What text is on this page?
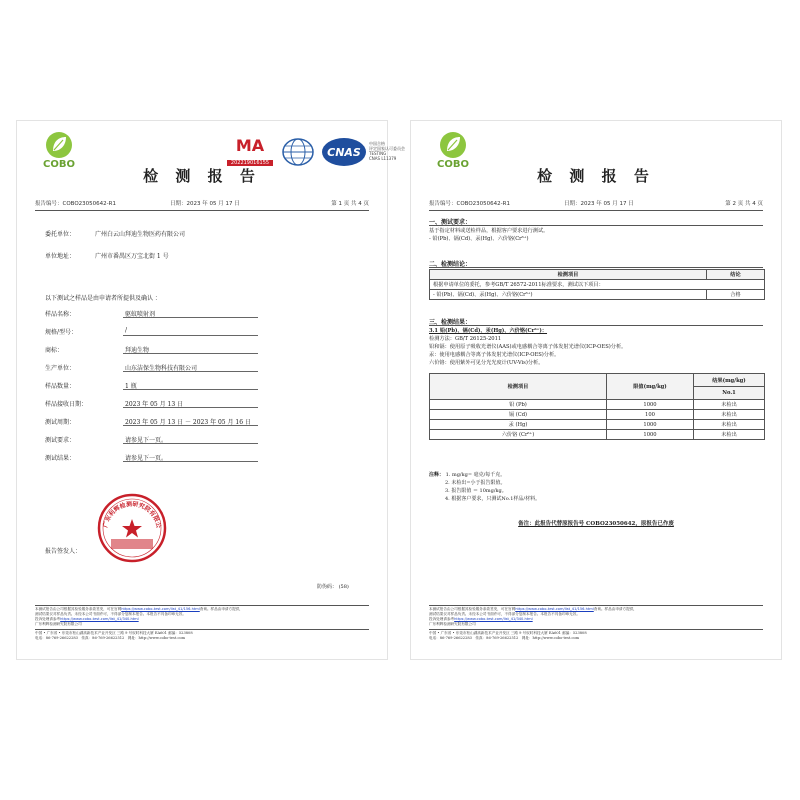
COBO
MA
202219016155
CNAS
中国合格
评定国家认可委员会
TESTING
CNAS L11379
检 测 报 告
报告编号：COBO23050642-R1	日期：2023 年 05 月 17 日	第 1 页 共 4 页
委托单位：	广州白云山拜迪生物医药有限公司
单位地址：	广州市番禺区万宝北街 1 号
以下测试之样品是由申请者所提供及确认 ：
样品名称：	驱蚊喷射剂
规格/型号：	/
商标：	拜迪生物
生产单位：	山东洁保生物科技有限公司
样品数量：	1 瓶
样品接收日期：	2023 年 05 月 13 日
测试周期：	2023 年 05 月 13 日 － 2023 年 05 月 16 日
测试要求：	请参见下一页。
测试结果：	请参见下一页。
广东利辉检测研究院有限公
报告签发人：
防伪码： (58)
本测试报告由公司根据其检验服务条款签发，可在官网https://www.cobo-test.com/list_41/156.html查询。样品由申请方提供，
测试结果仅对样品负责。未经本公司书面许可，不得部分复制本报告。本报告不具备印章无效。
投诉处理请参考https://www.cobo-test.com/list_41/340.html
广东利辉检测研究院有限公司
中国 • 广东省 • 东莞市松山湖高新技术产业开发区 三路 9 号驭时科技大厦 EA601 邮编：523808
电话：86-769-26622283 传真：86-769-26622512 网址：http://www.cobo-test.com
COBO
检 测 报 告
报告编号：COBO23050642-R1	日期：2023 年 05 月 17 日	第 2 页 共 4 页
一、测试要求：
基于指定材料或送检样品，根据客户要求进行测试。
- 铅(Pb)、镉(Cd)、汞(Hg)、六价铬(Cr⁶⁺)
二、检测结论：
检测项目	结论
根据申请单位的委托，参考GB/T 26572-2011标准要求，测试以下项目：	
- 铅(Pb)、镉(Cd)、汞(Hg)、六价铬(Cr⁶⁺)	合格
三、检测结果：
3.1 铅(Pb)、镉(Cd)、汞(Hg)、六价铬(Cr⁶⁺)：
检测方法：GB/T 26125-2011
铅和镉：使用原子吸收光谱仪(AAS)或电感耦合等离子体发射光谱仪(ICP-OES)分析。
汞：使用电感耦合等离子体发射光谱仪(ICP-OES)分析。
六价铬：使用紫外可见分光光度计(UV-Vis)分析。
检测项目	限值(mg/kg)	结果(mg/kg)
		No.1
铅 (Pb)	1000	未检出
镉 (Cd)	100	未检出
汞 (Hg)	1000	未检出
六价铬 (Cr⁶⁺)	1000	未检出
注释： 1. mg/kg= 毫克/每千克。
2. 未检出=小于报告限值。
3. 报告限值 ＝ 10mg/kg。
4. 根据客户要求，只测试No.1样品/材料。
备注：此报告代替原报告号 COBO23050642，原报告已作废
本测试报告由公司根据其检验服务条款签发，可在官网https://www.cobo-test.com/list_41/156.html查询。样品由申请方提供，
测试结果仅对样品负责。未经本公司书面许可，不得部分复制本报告。本报告不具备印章无效。
投诉处理请参考https://www.cobo-test.com/list_41/340.html
广东利辉检测研究院有限公司
中国 • 广东省 • 东莞市松山湖高新技术产业开发区 三路 9 号驭时科技大厦 EA601 邮编：523808
电话：86-769-26622283 传真：86-769-26622512 网址：http://www.cobo-test.com
